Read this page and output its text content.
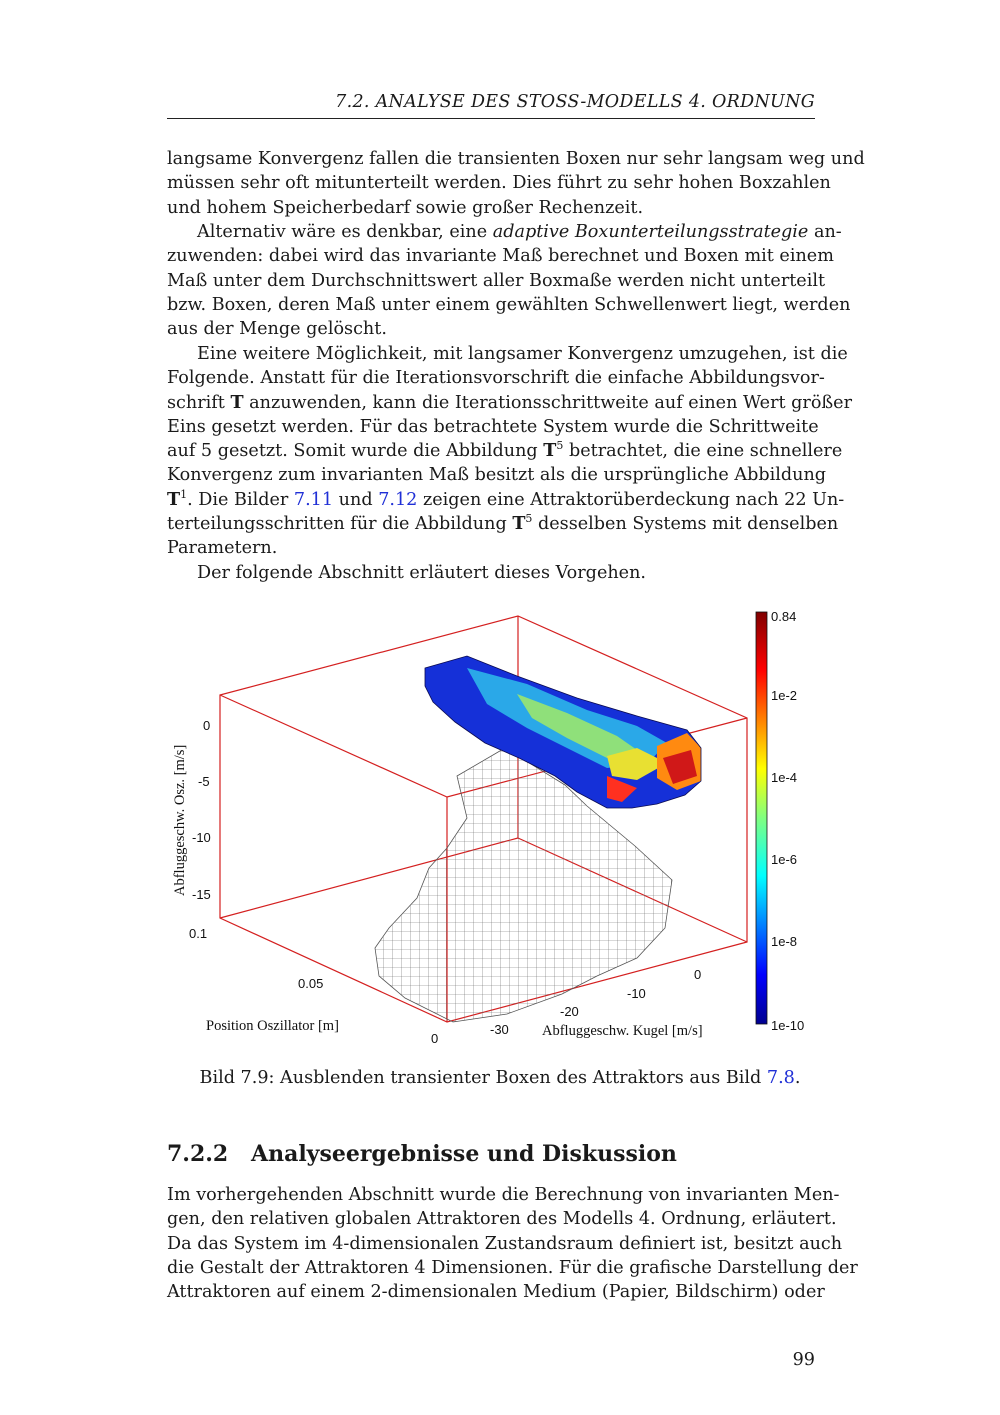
7.2. ANALYSE DES STOSS-MODELLS 4. ORDNUNG
langsame Konvergenz fallen die transienten Boxen nur sehr langsam weg und
müssen sehr oft mitunterteilt werden. Dies führt zu sehr hohen Boxzahlen
und hohem Speicherbedarf sowie großer Rechenzeit.
Alternativ wäre es denkbar, eine adaptive Boxunterteilungsstrategie an-
zuwenden: dabei wird das invariante Maß berechnet und Boxen mit einem
Maß unter dem Durchschnittswert aller Boxmaße werden nicht unterteilt
bzw. Boxen, deren Maß unter einem gewählten Schwellenwert liegt, werden
aus der Menge gelöscht.
Eine weitere Möglichkeit, mit langsamer Konvergenz umzugehen, ist die
Folgende. Anstatt für die Iterationsvorschrift die einfache Abbildungsvor-
schrift T anzuwenden, kann die Iterationsschrittweite auf einen Wert größer
Eins gesetzt werden. Für das betrachtete System wurde die Schrittweite
auf 5 gesetzt. Somit wurde die Abbildung $T^5$ betrachtet, die eine schnellere
Konvergenz zum invarianten Maß besitzt als die ursprüngliche Abbildung
$T^1$. Die Bilder 7.11 und 7.12 zeigen eine Attraktorüberdeckung nach 22 Un-
terteilungsschritten für die Abbildung $T^5$ desselben Systems mit denselben
Parametern.
Der folgende Abschnitt erläutert dieses Vorgehen.
0
-5
-10
-15
Abfluggeschw. Osz. [m/s]
0.1
0.05
0
Position Oszillator [m]	-30
-20
-10
0
Abfluggeschw. Kugel [m/s]
0.84
1e-2
1e-4
1e-6
1e-8
1e-10
Bild 7.9: Ausblenden transienter Boxen des Attraktors aus Bild 7.8.
7.2.2 Analyseergebnisse und Diskussion
Im vorhergehenden Abschnitt wurde die Berechnung von invarianten Men-
gen, den relativen globalen Attraktoren des Modells 4. Ordnung, erläutert.
Da das System im 4-dimensionalen Zustandsraum definiert ist, besitzt auch
die Gestalt der Attraktoren 4 Dimensionen. Für die grafische Darstellung der
Attraktoren auf einem 2-dimensionalen Medium (Papier, Bildschirm) oder
99
